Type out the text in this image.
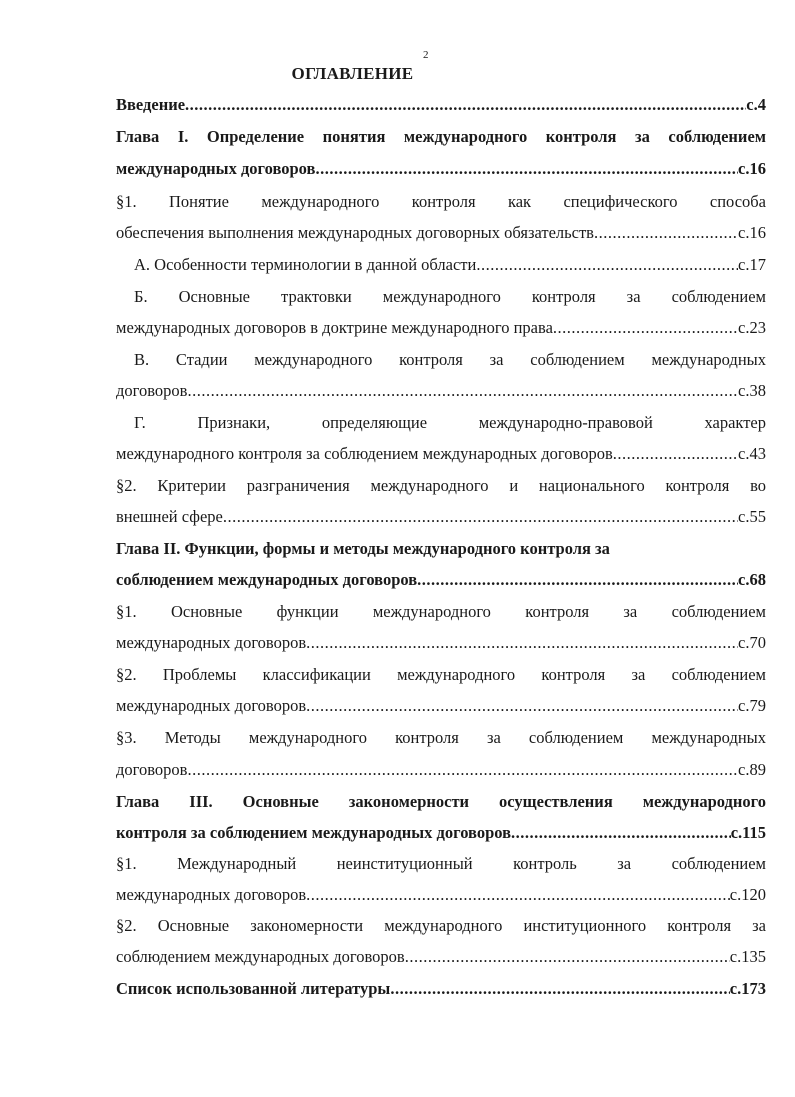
2
ОГЛАВЛЕНИЕ
Введение .....	с.4
Глава I. Определение понятия международного контроля за соблюдением
международных договоров .....	с.16
§1. Понятие международного контроля как специфического способа
обеспечения выполнения международных договорных обязательств .....	с.16
А. Особенности терминологии в данной области .....	с.17
Б. Основные трактовки международного контроля за соблюдением
международных договоров в доктрине международного права .....	с.23
В. Стадии международного контроля за соблюдением международных
договоров .....	с.38
Г. Признаки, определяющие международно-правовой характер
международного контроля за соблюдением международных договоров .....	с.43
§2. Критерии разграничения международного и национального контроля во
внешней сфере .....	с.55
Глава II. Функции, формы и методы международного контроля за
соблюдением международных договоров .....	с.68
§1. Основные функции международного контроля за соблюдением
международных договоров .....	с.70
§2. Проблемы классификации международного контроля за соблюдением
международных договоров .....	с.79
§3. Методы международного контроля за соблюдением международных
договоров .....	с.89
Глава III. Основные закономерности осуществления международного
контроля за соблюдением международных договоров .....	с.115
§1. Международный неинституционный контроль за соблюдением
международных договоров .....	с.120
§2. Основные закономерности международного институционного контроля за
соблюдением международных договоров .....	с.135
Список использованной литературы .....	с.173
